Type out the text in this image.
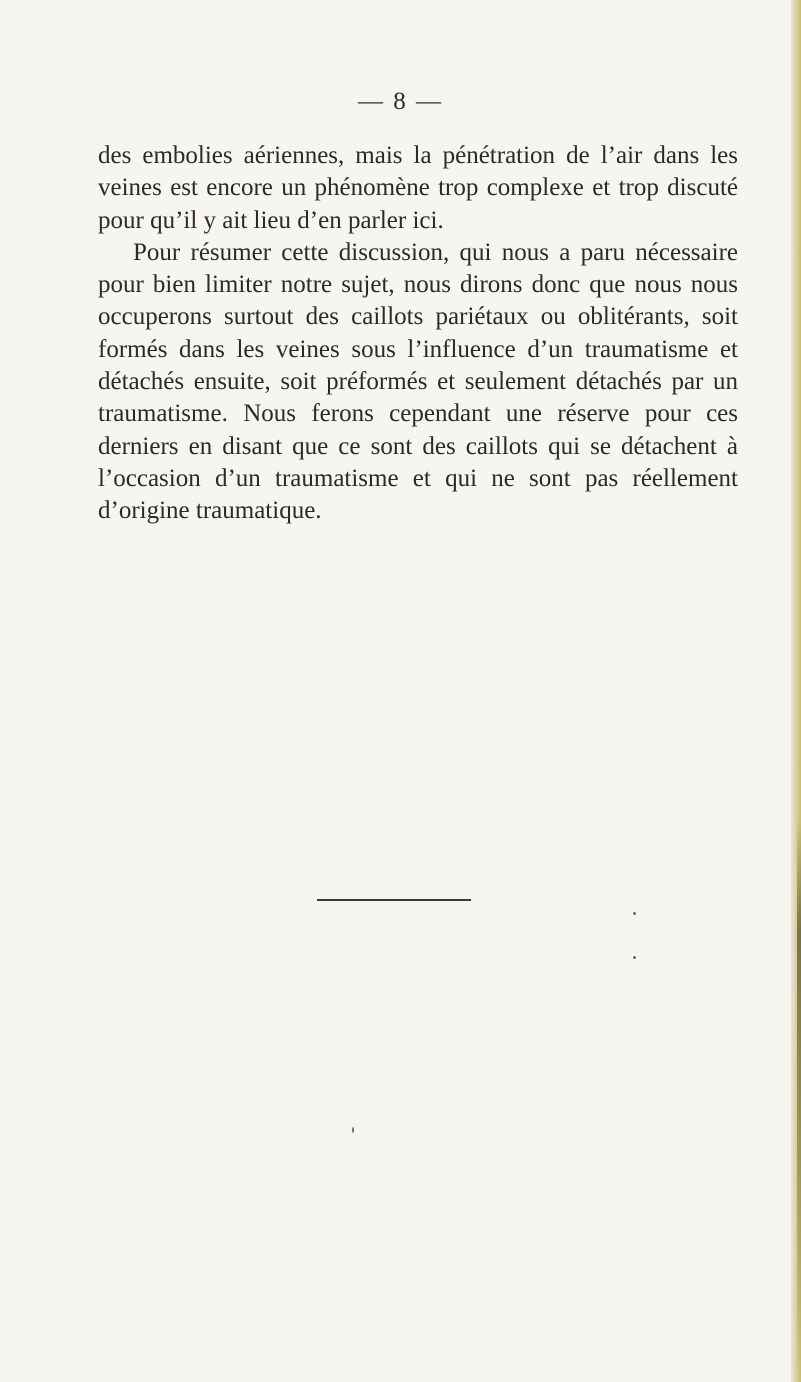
— 8 —

des embolies aériennes, mais la pénétration de l’air dans les veines est encore un phénomène trop complexe et trop discuté pour qu’il y ait lieu d’en parler ici.

Pour résumer cette discussion, qui nous a paru nécessaire pour bien limiter notre sujet, nous dirons donc que nous nous occuperons surtout des caillots pariétaux ou oblitérants, soit formés dans les veines sous l’influence d’un traumatisme et détachés ensuite, soit préformés et seulement détachés par un traumatisme. Nous ferons cependant une réserve pour ces derniers en disant que ce sont des caillots qui se détachent à l’occasion d’un traumatisme et qui ne sont pas réellement d’origine traumatique.
